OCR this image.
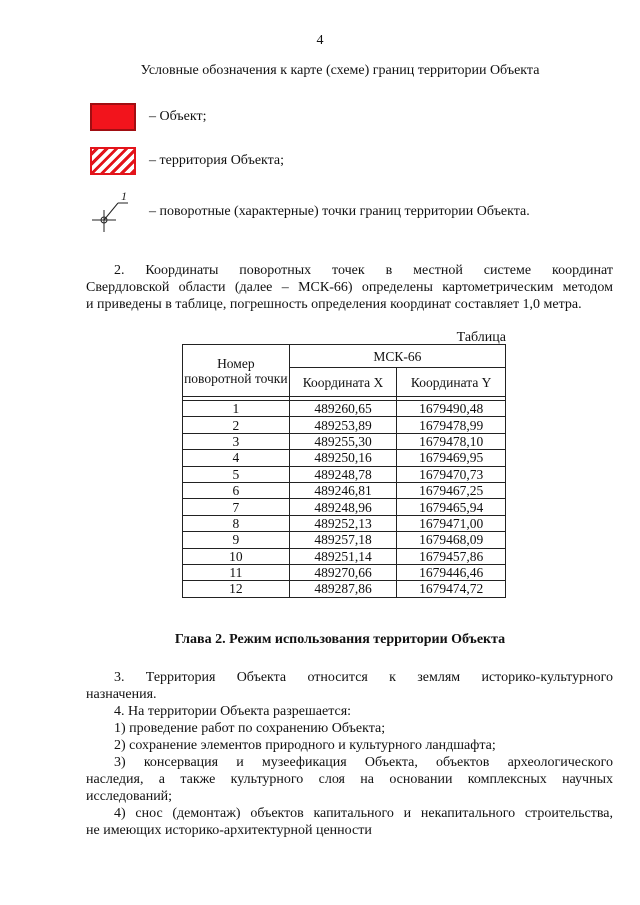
4
Условные обозначения к карте (схеме) границ территории Объекта
– Объект;
– территория Объекта;
1
– поворотные (характерные) точки границ территории Объекта.
2. Координаты поворотных точек в местной системе координат
Свердловской области (далее – МСК-66) определены картометрическим методом
и приведены в таблице, погрешность определения координат составляет 1,0 метра.
Таблица
Номер поворотной точки	МСК-66	
	Координата X	Координата Y

1	489260,65	1679490,48
2	489253,89	1679478,99
3	489255,30	1679478,10
4	489250,16	1679469,95
5	489248,78	1679470,73
6	489246,81	1679467,25
7	489248,96	1679465,94
8	489252,13	1679471,00
9	489257,18	1679468,09
10	489251,14	1679457,86
11	489270,66	1679446,46
12	489287,86	1679474,72
Глава 2. Режим использования территории Объекта
3. Территория Объекта относится к землям историко-культурного
назначения.
4. На территории Объекта разрешается:
1) проведение работ по сохранению Объекта;
2) сохранение элементов природного и культурного ландшафта;
3) консервация и музеефикация Объекта, объектов археологического
наследия, а также культурного слоя на основании комплексных научных
исследований;
4) снос (демонтаж) объектов капитального и некапитального строительства,
не имеющих историко-архитектурной ценности
